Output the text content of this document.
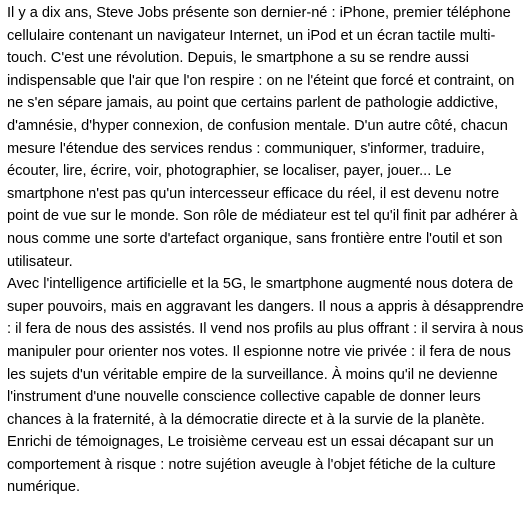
Il y a dix ans, Steve Jobs présente son dernier-né : iPhone, premier téléphone cellulaire contenant un navigateur Internet, un iPod et un écran tactile multi-touch. C'est une révolution. Depuis, le smartphone a su se rendre aussi indispensable que l'air que l'on respire : on ne l'éteint que forcé et contraint, on ne s'en sépare jamais, au point que certains parlent de pathologie addictive, d'amnésie, d'hyper connexion, de confusion mentale. D'un autre côté, chacun mesure l'étendue des services rendus : communiquer, s'informer, traduire, écouter, lire, écrire, voir, photographier, se localiser, payer, jouer... Le smartphone n'est pas qu'un intercesseur efficace du réel, il est devenu notre point de vue sur le monde. Son rôle de médiateur est tel qu'il finit par adhérer à nous comme une sorte d'artefact organique, sans frontière entre l'outil et son utilisateur.

Avec l'intelligence artificielle et la 5G, le smartphone augmenté nous dotera de super pouvoirs, mais en aggravant les dangers. Il nous a appris à désapprendre : il fera de nous des assistés. Il vend nos profils au plus offrant : il servira à nous manipuler pour orienter nos votes. Il espionne notre vie privée : il fera de nous les sujets d'un véritable empire de la surveillance. À moins qu'il ne devienne l'instrument d'une nouvelle conscience collective capable de donner leurs chances à la fraternité, à la démocratie directe et à la survie de la planète.

Enrichi de témoignages, Le troisième cerveau est un essai décapant sur un comportement à risque : notre sujétion aveugle à l'objet fétiche de la culture numérique.
